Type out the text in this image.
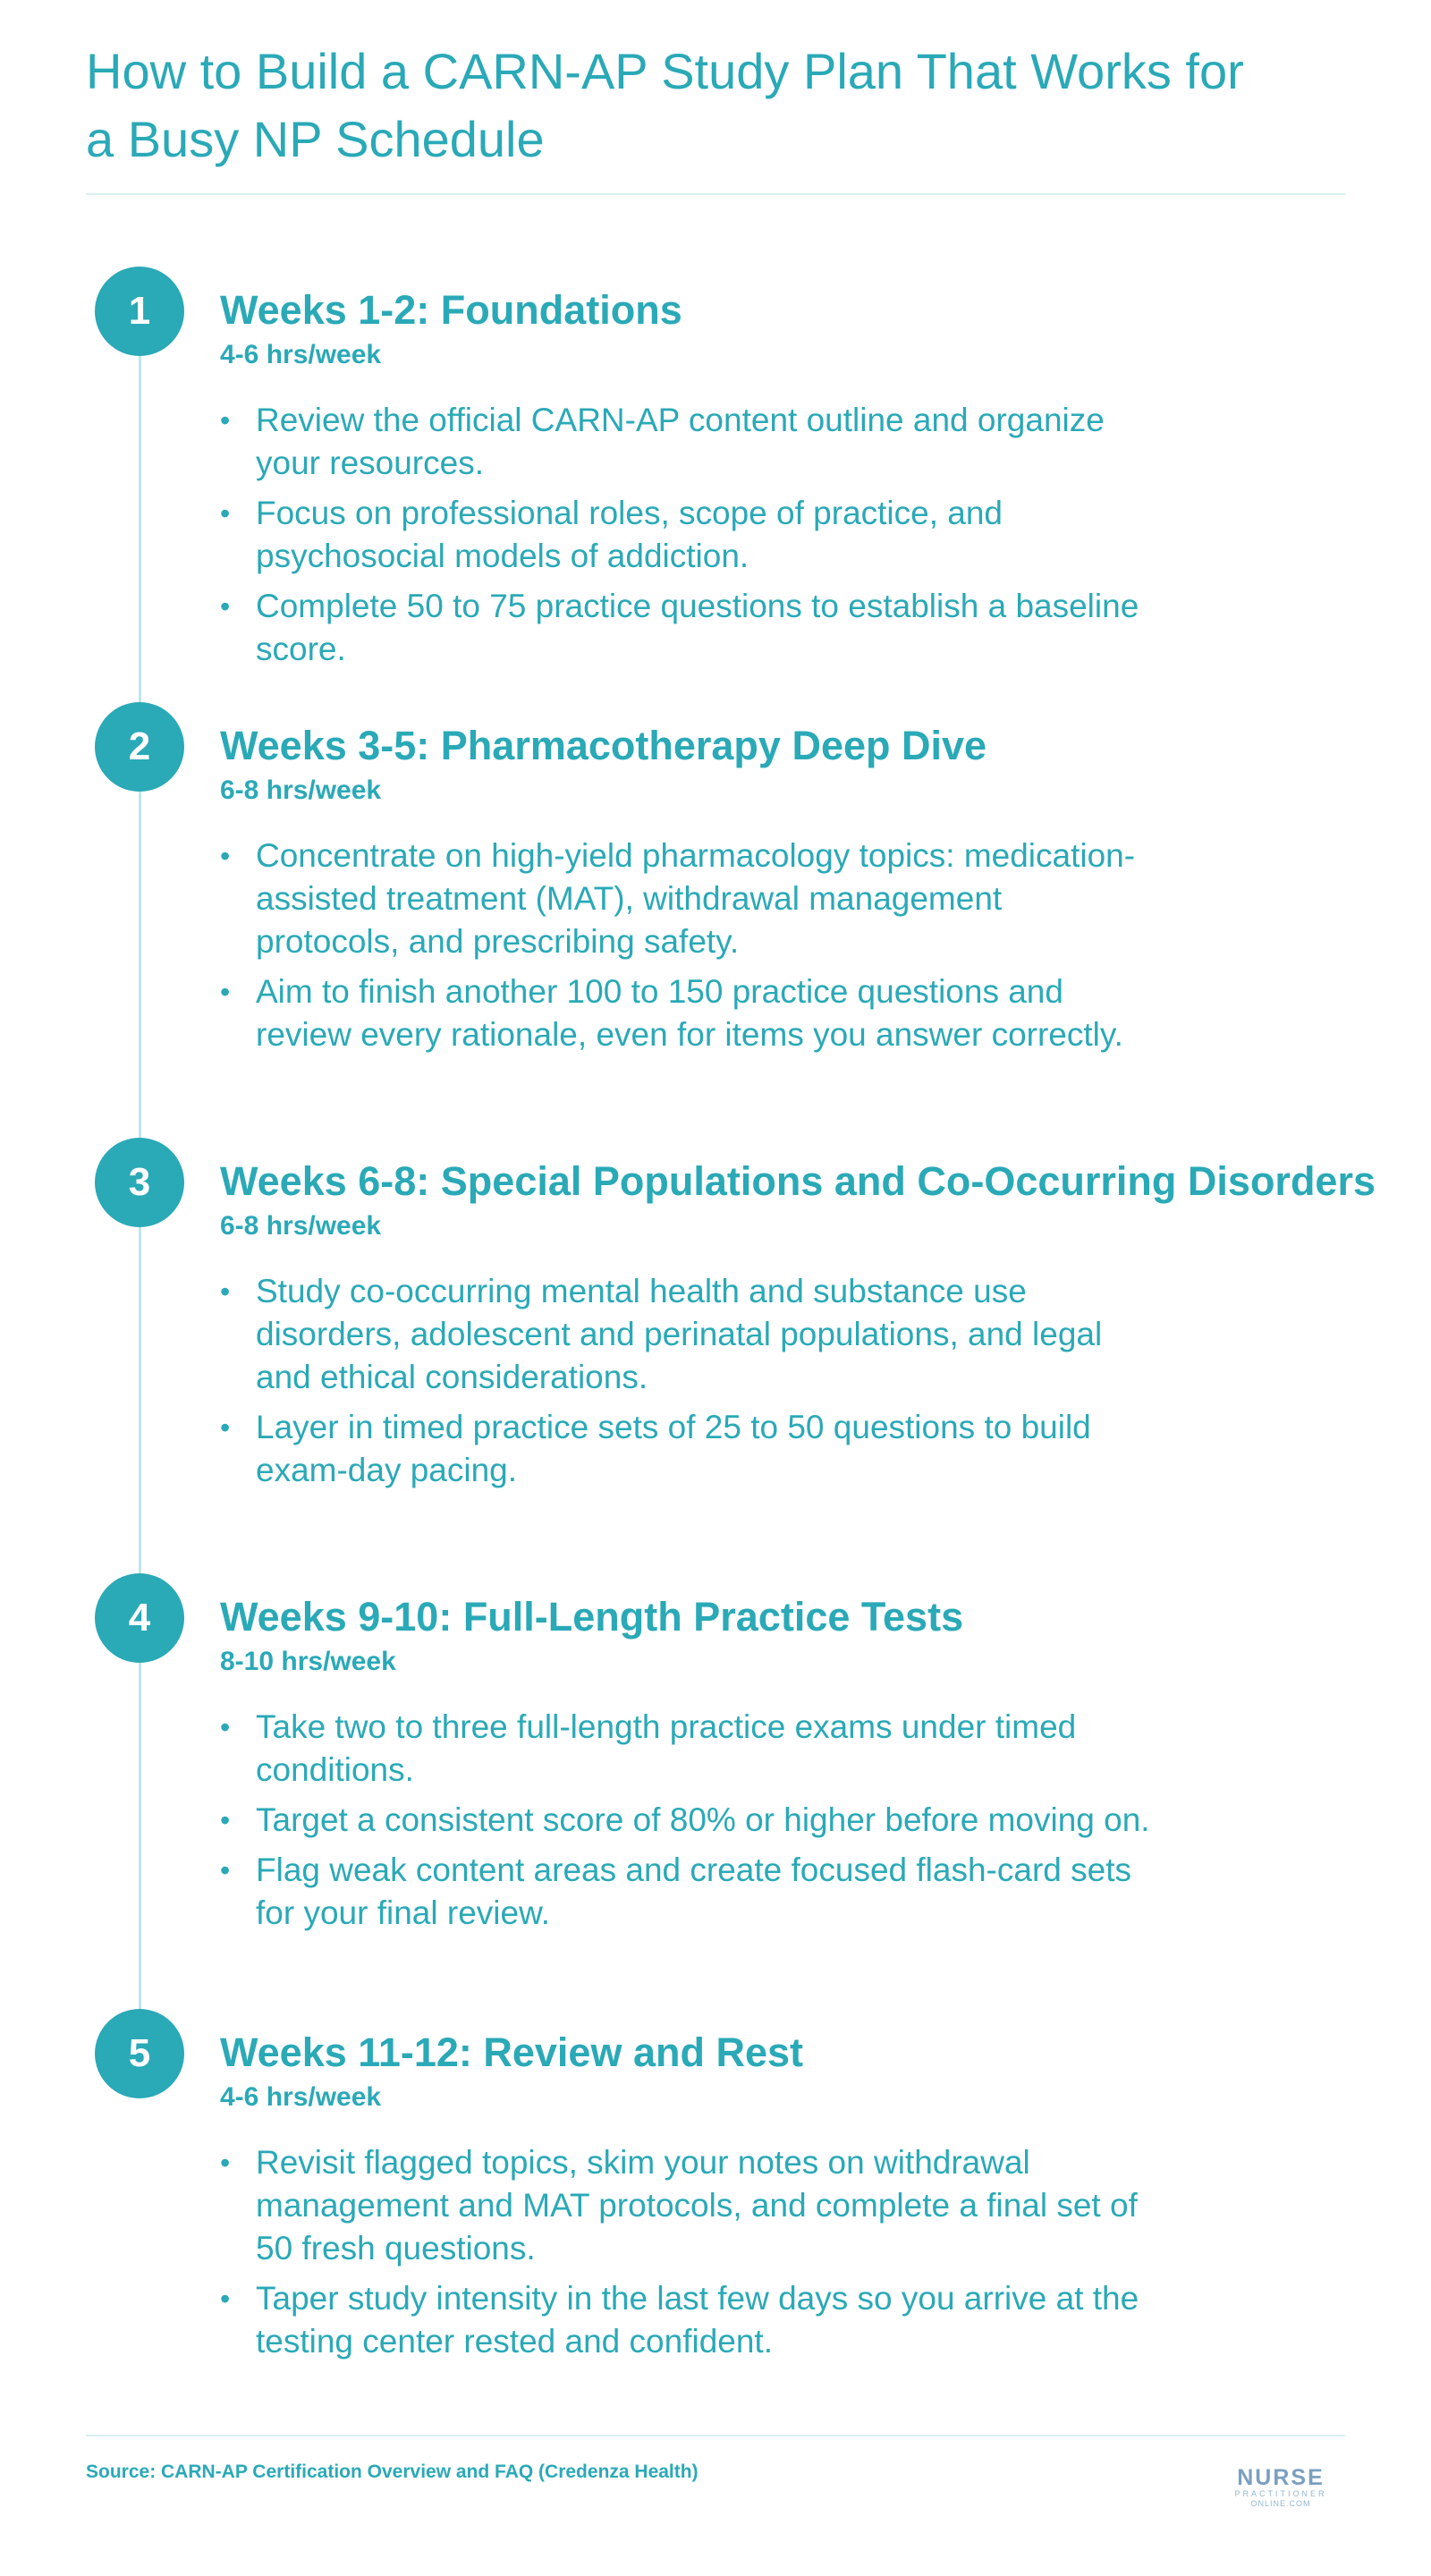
How to Build a CARN-AP Study Plan That Works for a Busy NP Schedule
1	Weeks 1-2: Foundations
4-6 hrs/week
• Review the official CARN-AP content outline and organize your resources.
• Focus on professional roles, scope of practice, and psychosocial models of addiction.
• Complete 50 to 75 practice questions to establish a baseline score.
2	Weeks 3-5: Pharmacotherapy Deep Dive
6-8 hrs/week
• Concentrate on high-yield pharmacology topics: medication-assisted treatment (MAT), withdrawal management protocols, and prescribing safety.
• Aim to finish another 100 to 150 practice questions and review every rationale, even for items you answer correctly.
3	Weeks 6-8: Special Populations and Co-Occurring Disorders
6-8 hrs/week
• Study co-occurring mental health and substance use disorders, adolescent and perinatal populations, and legal and ethical considerations.
• Layer in timed practice sets of 25 to 50 questions to build exam-day pacing.
4	Weeks 9-10: Full-Length Practice Tests
8-10 hrs/week
• Take two to three full-length practice exams under timed conditions.
• Target a consistent score of 80% or higher before moving on.
• Flag weak content areas and create focused flash-card sets for your final review.
5	Weeks 11-12: Review and Rest
4-6 hrs/week
• Revisit flagged topics, skim your notes on withdrawal management and MAT protocols, and complete a final set of 50 fresh questions.
• Taper study intensity in the last few days so you arrive at the testing center rested and confident.
Source: CARN-AP Certification Overview and FAQ (Credenza Health)	NURSE
PRACTITIONER
ONLINE.COM
